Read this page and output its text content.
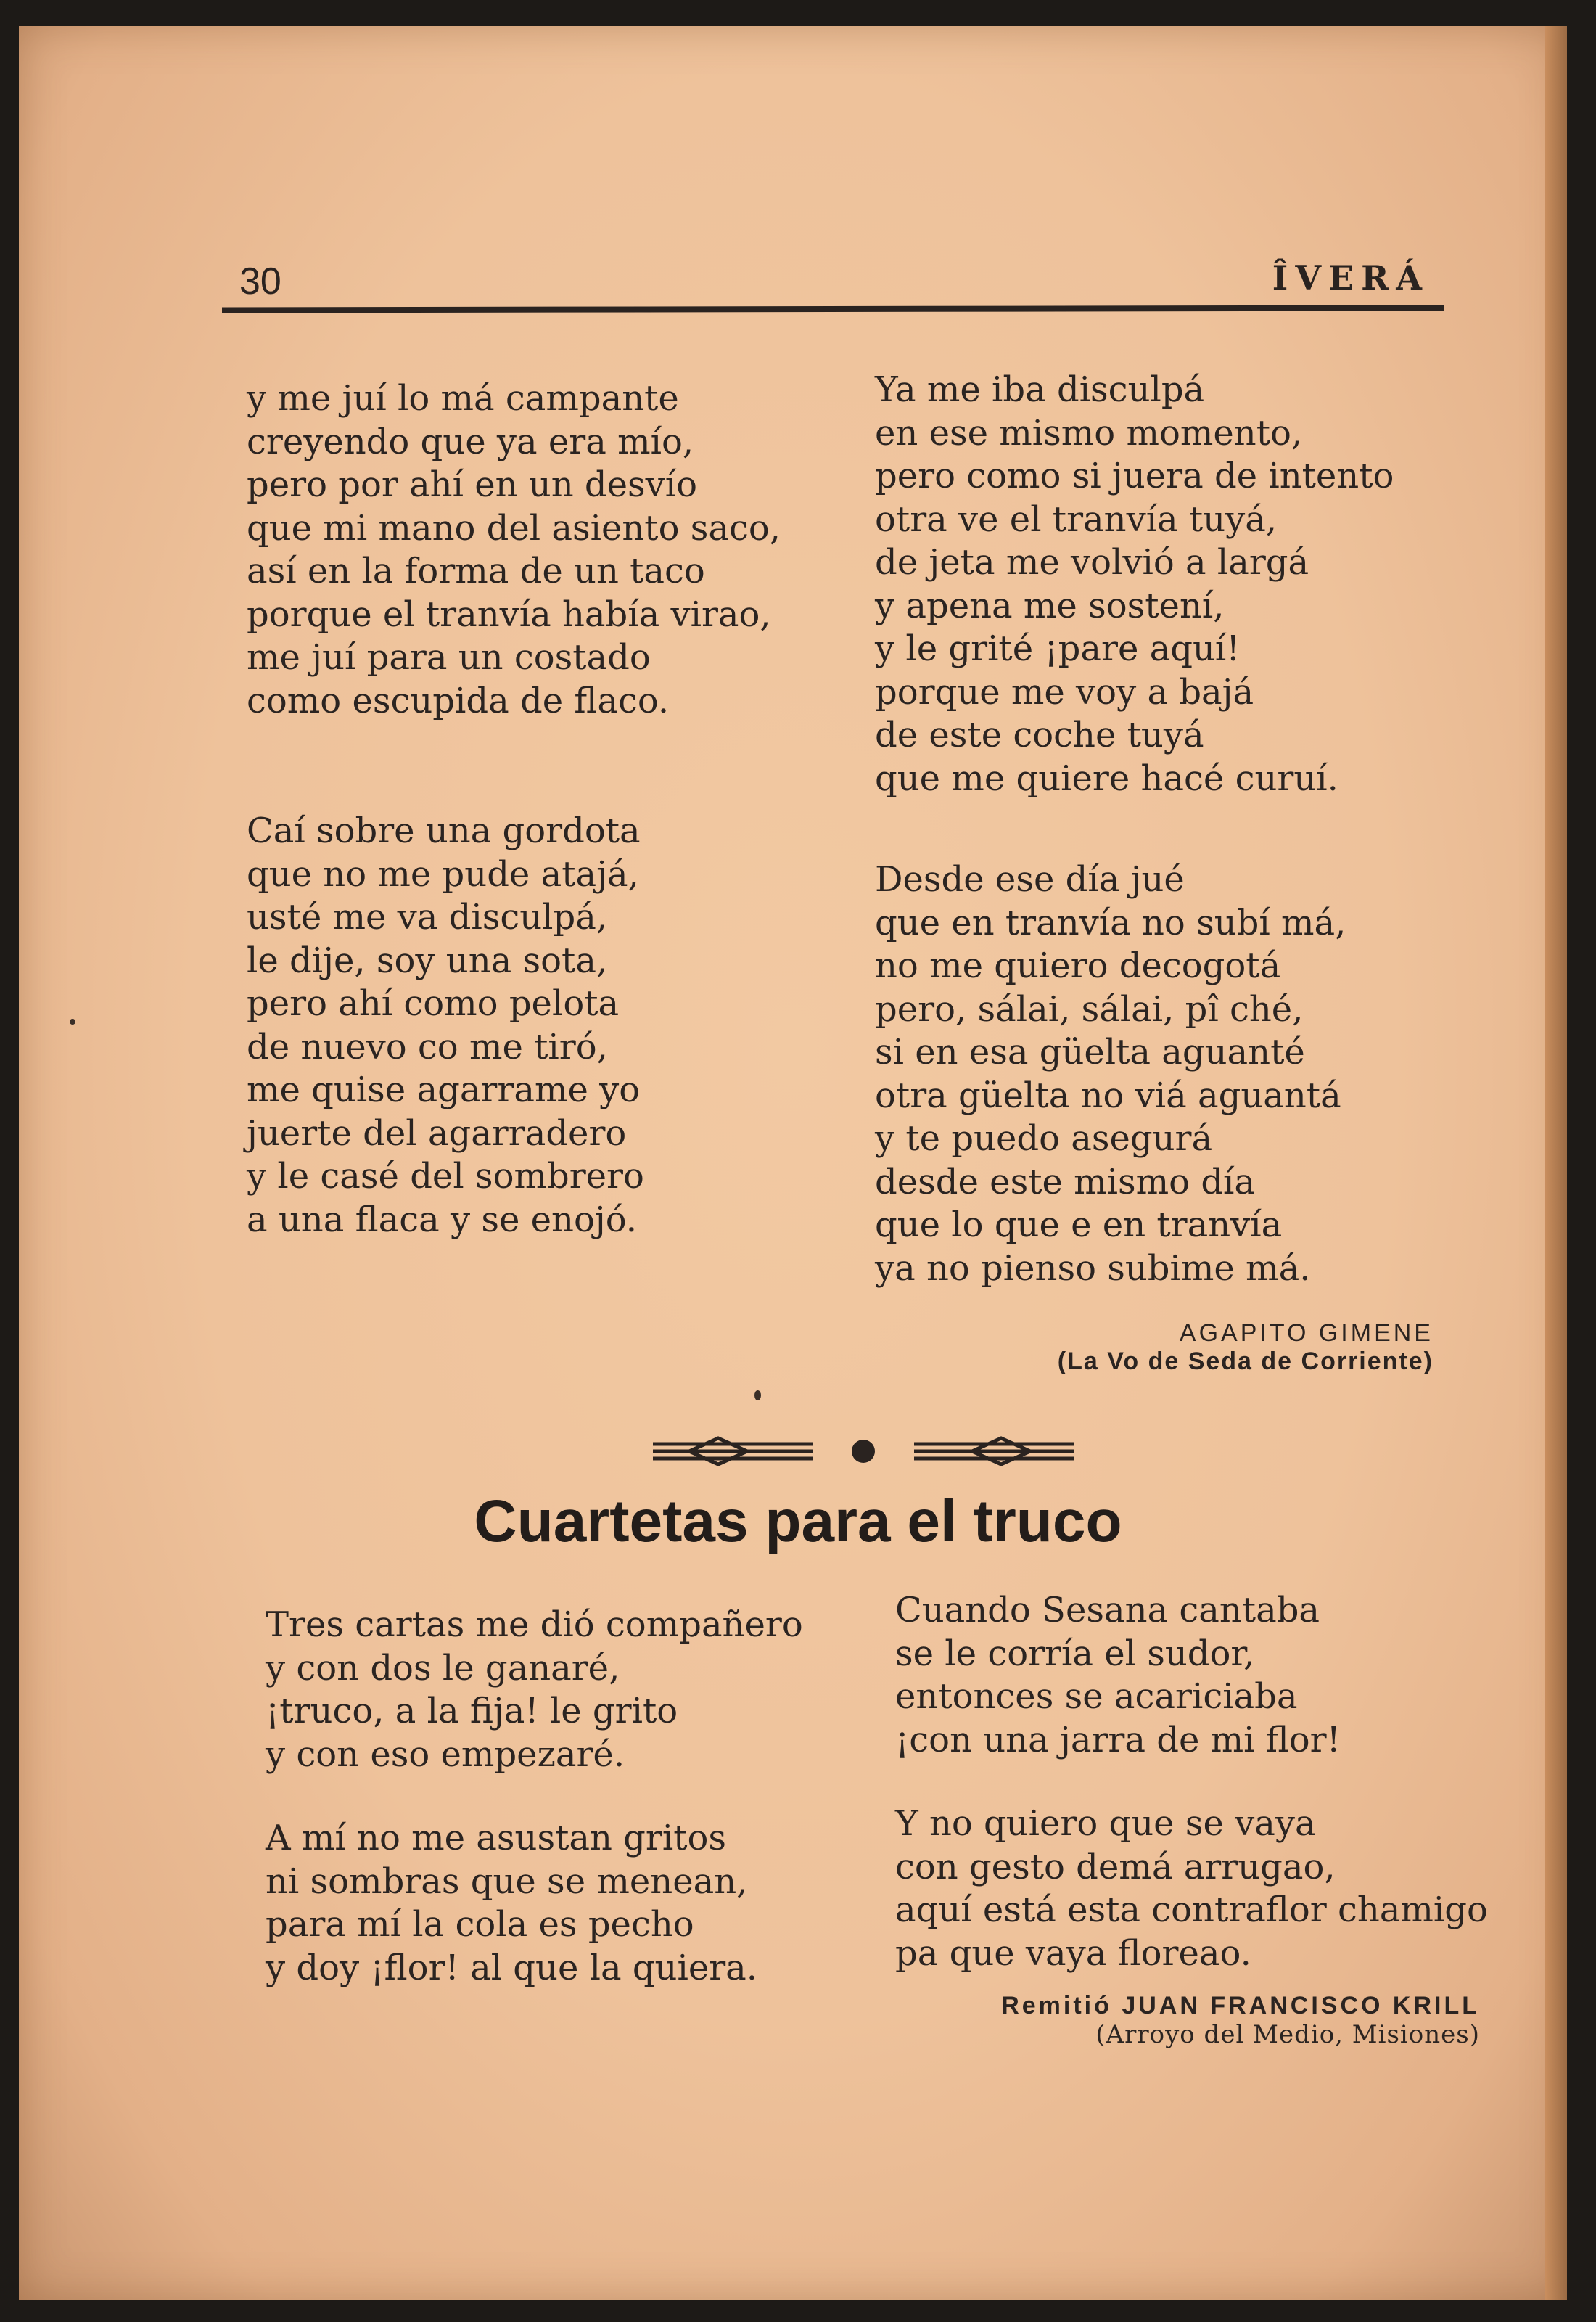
30	ÎVERÁ
y me juí lo má campante
creyendo que ya era mío,
pero por ahí en un desvío
que mi mano del asiento saco,
así en la forma de un taco
porque el tranvía había virao,
me juí para un costado
como escupida de flaco.
Caí sobre una gordota
que no me pude atajá,
usté me va disculpá,
le dije, soy una sota,
pero ahí como pelota
de nuevo co me tiró,
me quise agarrame yo
juerte del agarradero
y le casé del sombrero
a una flaca y se enojó.
Ya me iba disculpá
en ese mismo momento,
pero como si juera de intento
otra ve el tranvía tuyá,
de jeta me volvió a largá
y apena me sostení,
y le grité ¡pare aquí!
porque me voy a bajá
de este coche tuyá
que me quiere hacé curuí.
Desde ese día jué
que en tranvía no subí má,
no me quiero decogotá
pero, sálai, sálai, pî ché,
si en esa güelta aguanté
otra güelta no viá aguantá
y te puedo asegurá
desde este mismo día
que lo que e en tranvía
ya no pienso subime má.
AGAPITO GIMENE
(La Vo de Seda de Corriente)
Cuartetas para el truco
Tres cartas me dió compañero
y con dos le ganaré,
¡truco, a la fija! le grito
y con eso empezaré.
A mí no me asustan gritos
ni sombras que se menean,
para mí la cola es pecho
y doy ¡flor! al que la quiera.
Cuando Sesana cantaba
se le corría el sudor,
entonces se acariciaba
¡con una jarra de mi flor!
Y no quiero que se vaya
con gesto demá arrugao,
aquí está esta contraflor chamigo
pa que vaya floreao.
Remitió JUAN FRANCISCO KRILL
(Arroyo del Medio, Misiones)
